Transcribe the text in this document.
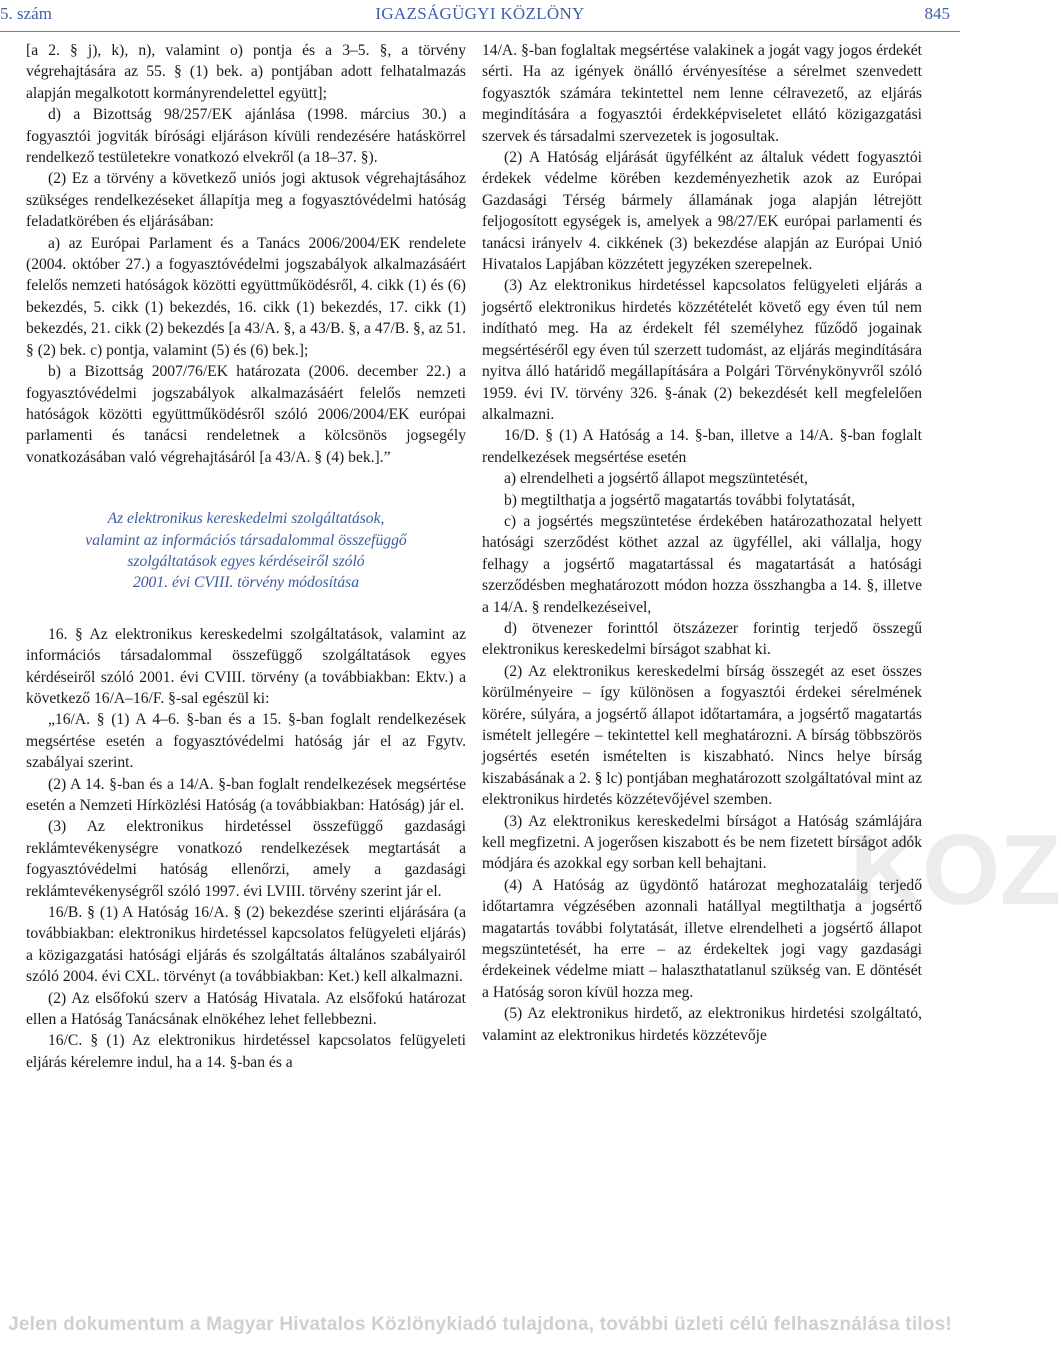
5. szám	IGAZSÁGÜGYI KÖZLÖNY	845
KOZ

[a 2. § j), k), n), valamint o) pontja és a 3–5. §, a törvény végrehajtására az 55. § (1) bek. a) pontjában adott felhatalmazás alapján megalkotott kormányrendelettel együtt];

d) a Bizottság 98/257/EK ajánlása (1998. március 30.) a fogyasztói jogviták bírósági eljáráson kívüli rendezésére hatáskörrel rendelkező testületekre vonatkozó elvekről (a 18–37. §).

(2) Ez a törvény a következő uniós jogi aktusok végrehajtásához szükséges rendelkezéseket állapítja meg a fogyasztóvédelmi hatóság feladatkörében és eljárásában:

a) az Európai Parlament és a Tanács 2006/2004/EK rendelete (2004. október 27.) a fogyasztóvédelmi jogszabályok alkalmazásáért felelős nemzeti hatóságok közötti együttműködésről, 4. cikk (1) és (6) bekezdés, 5. cikk (1) bekezdés, 16. cikk (1) bekezdés, 17. cikk (1) bekezdés, 21. cikk (2) bekezdés [a 43/A. §, a 43/B. §, a 47/B. §, az 51. § (2) bek. c) pontja, valamint (5) és (6) bek.];

b) a Bizottság 2007/76/EK határozata (2006. december 22.) a fogyasztóvédelmi jogszabályok alkalmazásáért felelős nemzeti hatóságok közötti együttműködésről szóló 2006/2004/EK európai parlamenti és tanácsi rendeletnek a kölcsönös jogsegély vonatkozásában való végrehajtásáról [a 43/A. § (4) bek.].”

Az elektronikus kereskedelmi szolgáltatások,
valamint az információs társadalommal összefüggő
szolgáltatások egyes kérdéseiről szóló
2001. évi CVIII. törvény módosítása

16. § Az elektronikus kereskedelmi szolgáltatások, valamint az információs társadalommal összefüggő szolgáltatások egyes kérdéseiről szóló 2001. évi CVIII. törvény (a továbbiakban: Ektv.) a következő 16/A–16/F. §-sal egészül ki:

„16/A. § (1) A 4–6. §-ban és a 15. §-ban foglalt rendelkezések megsértése esetén a fogyasztóvédelmi hatóság jár el az Fgytv. szabályai szerint.

(2) A 14. §-ban és a 14/A. §-ban foglalt rendelkezések megsértése esetén a Nemzeti Hírközlési Hatóság (a továbbiakban: Hatóság) jár el.

(3) Az elektronikus hirdetéssel összefüggő gazdasági reklámtevékenységre vonatkozó rendelkezések megtartását a fogyasztóvédelmi hatóság ellenőrzi, amely a gazdasági reklámtevékenységről szóló 1997. évi LVIII. törvény szerint jár el.

16/B. § (1) A Hatóság 16/A. § (2) bekezdése szerinti eljárására (a továbbiakban: elektronikus hirdetéssel kapcsolatos felügyeleti eljárás) a közigazgatási hatósági eljárás és szolgáltatás általános szabályairól szóló 2004. évi CXL. törvényt (a továbbiakban: Ket.) kell alkalmazni.

(2) Az elsőfokú szerv a Hatóság Hivatala. Az elsőfokú határozat ellen a Hatóság Tanácsának elnökéhez lehet fellebbezni.

16/C. § (1) Az elektronikus hirdetéssel kapcsolatos felügyeleti eljárás kérelemre indul, ha a 14. §-ban és a

14/A. §-ban foglaltak megsértése valakinek a jogát vagy jogos érdekét sérti. Ha az igények önálló érvényesítése a sérelmet szenvedett fogyasztók számára tekintettel nem lenne célravezető, az eljárás megindítására a fogyasztói érdekképviseletet ellátó közigazgatási szervek és társadalmi szervezetek is jogosultak.

(2) A Hatóság eljárását ügyfélként az általuk védett fogyasztói érdekek védelme körében kezdeményezhetik azok az Európai Gazdasági Térség bármely államának joga alapján létrejött feljogosított egységek is, amelyek a 98/27/EK európai parlamenti és tanácsi irányelv 4. cikkének (3) bekezdése alapján az Európai Unió Hivatalos Lapjában közzétett jegyzéken szerepelnek.

(3) Az elektronikus hirdetéssel kapcsolatos felügyeleti eljárás a jogsértő elektronikus hirdetés közzétételét követő egy éven túl nem indítható meg. Ha az érdekelt fél személyhez fűződő jogainak megsértéséről egy éven túl szerzett tudomást, az eljárás megindítására nyitva álló határidő megállapítására a Polgári Törvénykönyvről szóló 1959. évi IV. törvény 326. §-ának (2) bekezdését kell megfelelően alkalmazni.

16/D. § (1) A Hatóság a 14. §-ban, illetve a 14/A. §-ban foglalt rendelkezések megsértése esetén

a) elrendelheti a jogsértő állapot megszüntetését,

b) megtilthatja a jogsértő magatartás további folytatását,

c) a jogsértés megszüntetése érdekében határozathozatal helyett hatósági szerződést köthet azzal az ügyféllel, aki vállalja, hogy felhagy a jogsértő magatartással és magatartását a hatósági szerződésben meghatározott módon hozza összhangba a 14. §, illetve a 14/A. § rendelkezéseivel,

d) ötvenezer forinttól ötszázezer forintig terjedő összegű elektronikus kereskedelmi bírságot szabhat ki.

(2) Az elektronikus kereskedelmi bírság összegét az eset összes körülményeire – így különösen a fogyasztói érdekei sérelmének körére, súlyára, a jogsértő állapot időtartamára, a jogsértő magatartás ismételt jellegére – tekintettel kell meghatározni. A bírság többszörös jogsértés esetén ismételten is kiszabható. Nincs helye bírság kiszabásának a 2. § lc) pontjában meghatározott szolgáltatóval mint az elektronikus hirdetés közzétevőjével szemben.

(3) Az elektronikus kereskedelmi bírságot a Hatóság számlájára kell megfizetni. A jogerősen kiszabott és be nem fizetett bírságot adók módjára és azokkal egy sorban kell behajtani.

(4) A Hatóság az ügydöntő határozat meghozataláig terjedő időtartamra végzésében azonnali hatállyal megtilthatja a jogsértő magatartás további folytatását, illetve elrendelheti a jogsértő állapot megszüntetését, ha erre – az érdekeltek jogi vagy gazdasági érdekeinek védelme miatt – halaszthatatlanul szükség van. E döntését a Hatóság soron kívül hozza meg.

(5) Az elektronikus hirdető, az elektronikus hirdetési szolgáltató, valamint az elektronikus hirdetés közzétevője

Jelen dokumentum a Magyar Hivatalos Közlönykiadó tulajdona, további üzleti célú felhasználása tilos!
